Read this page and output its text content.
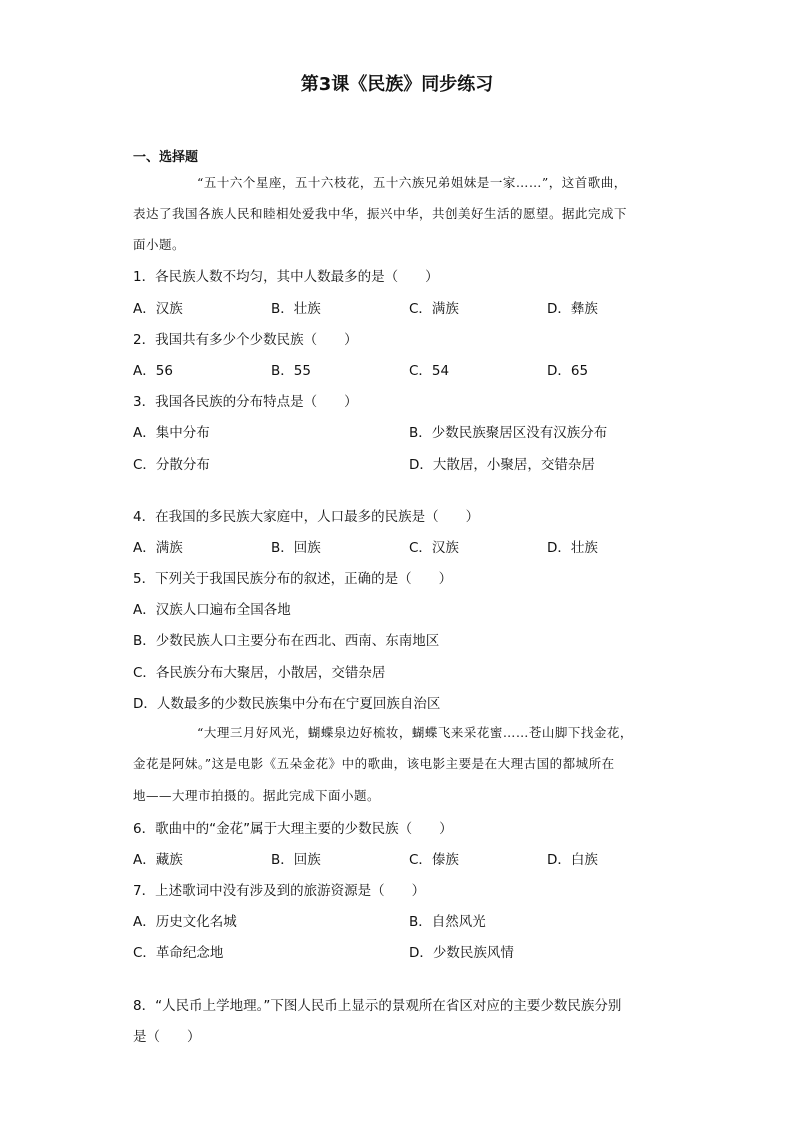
第3课《民族》同步练习
一、选择题
“五十六个星座，五十六枝花，五十六族兄弟姐妹是一家……”，这首歌曲，
表达了我国各族人民和睦相处爱我中华，振兴中华，共创美好生活的愿望。据此完成下
面小题。
1．各民族人数不均匀，其中人数最多的是（　　）
A．汉族	B．壮族	C．满族	D．彝族
2．我国共有多少个少数民族（　　）
A．56	B．55	C．54	D．65
3．我国各民族的分布特点是（　　）
A．集中分布	B．少数民族聚居区没有汉族分布
C．分散分布	D．大散居，小聚居，交错杂居
4．在我国的多民族大家庭中，人口最多的民族是（　　）
A．满族	B．回族	C．汉族	D．壮族
5．下列关于我国民族分布的叙述，正确的是（　　）
A．汉族人口遍布全国各地
B．少数民族人口主要分布在西北、西南、东南地区
C．各民族分布大聚居，小散居，交错杂居
D．人数最多的少数民族集中分布在宁夏回族自治区
“大理三月好风光，蝴蝶泉边好梳妆，蝴蝶飞来采花蜜……苍山脚下找金花，
金花是阿妹。”这是电影《五朵金花》中的歌曲，该电影主要是在大理古国的都城所在
地——大理市拍摄的。据此完成下面小题。
6．歌曲中的“金花”属于大理主要的少数民族（　　）
A．藏族	B．回族	C．傣族	D．白族
7．上述歌词中没有涉及到的旅游资源是（　　）
A．历史文化名城	B．自然风光
C．革命纪念地	D．少数民族风情
8．“人民币上学地理。”下图人民币上显示的景观所在省区对应的主要少数民族分别
是（　　）
